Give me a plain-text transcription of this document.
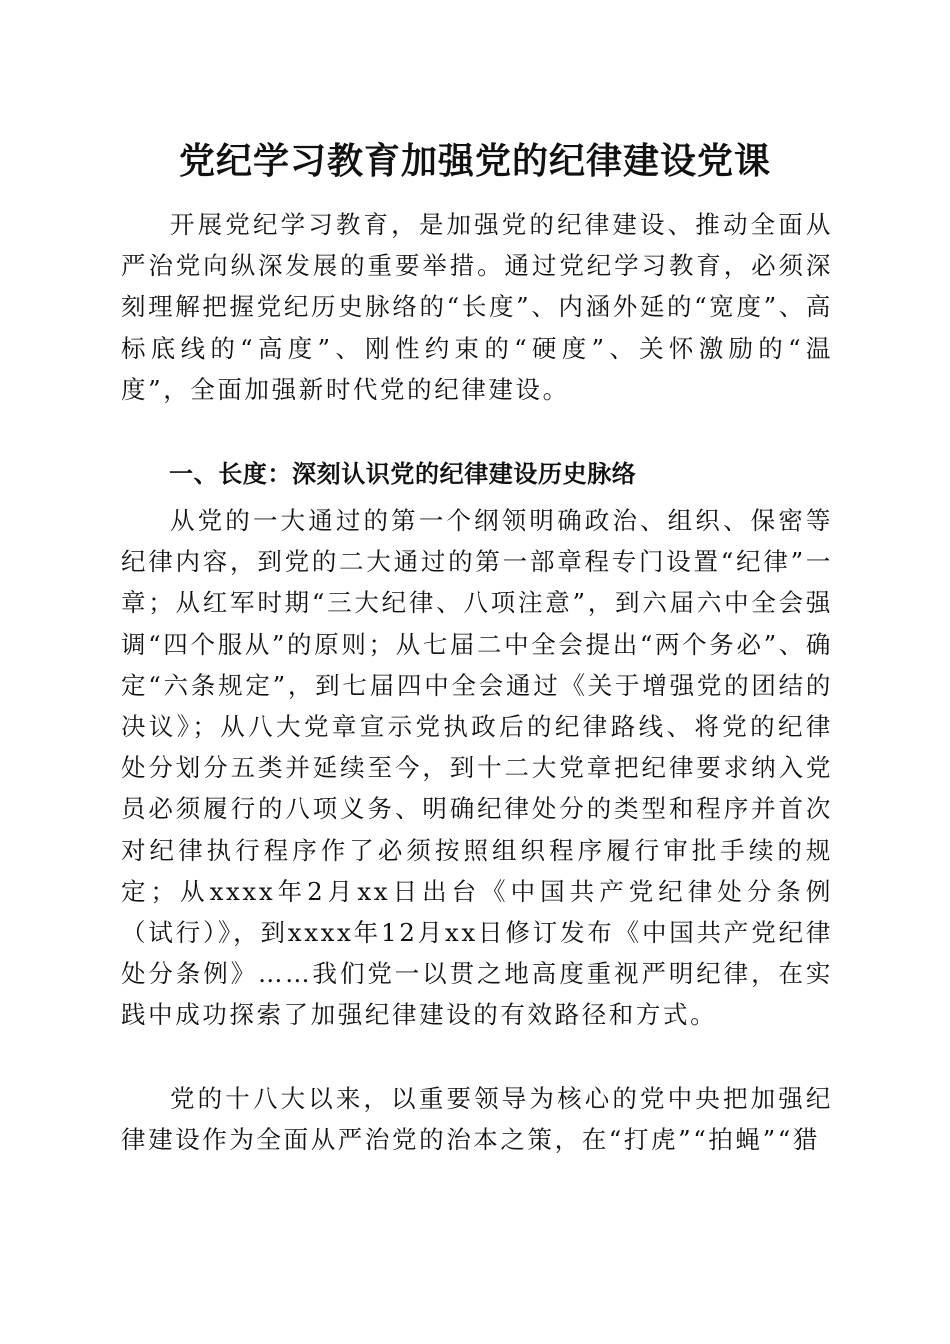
党纪学习教育加强党的纪律建设党课

开展党纪学习教育，是加强党的纪律建设、推动全面从严治党向纵深发展的重要举措。通过党纪学习教育，必须深刻理解把握党纪历史脉络的“长度”、内涵外延的“宽度”、高标底线的“高度”、刚性约束的“硬度”、关怀激励的“温度”，全面加强新时代党的纪律建设。

一、长度：深刻认识党的纪律建设历史脉络

从党的一大通过的第一个纲领明确政治、组织、保密等纪律内容，到党的二大通过的第一部章程专门设置“纪律”一章；从红军时期“三大纪律、八项注意”，到六届六中全会强调“四个服从”的原则；从七届二中全会提出“两个务必”、确定“六条规定”，到七届四中全会通过《关于增强党的团结的决议》；从八大党章宣示党执政后的纪律路线、将党的纪律处分划分五类并延续至今，到十二大党章把纪律要求纳入党员必须履行的八项义务、明确纪律处分的类型和程序并首次对纪律执行程序作了必须按照组织程序履行审批手续的规定；从xxxx年2月xx日出台《中国共产党纪律处分条例（试行）》，到xxxx年12月xx日修订发布《中国共产党纪律处分条例》……我们党一以贯之地高度重视严明纪律，在实践中成功探索了加强纪律建设的有效路径和方式。

党的十八大以来，以重要领导为核心的党中央把加强纪律建设作为全面从严治党的治本之策，在“打虎”“拍蝇”“猎
